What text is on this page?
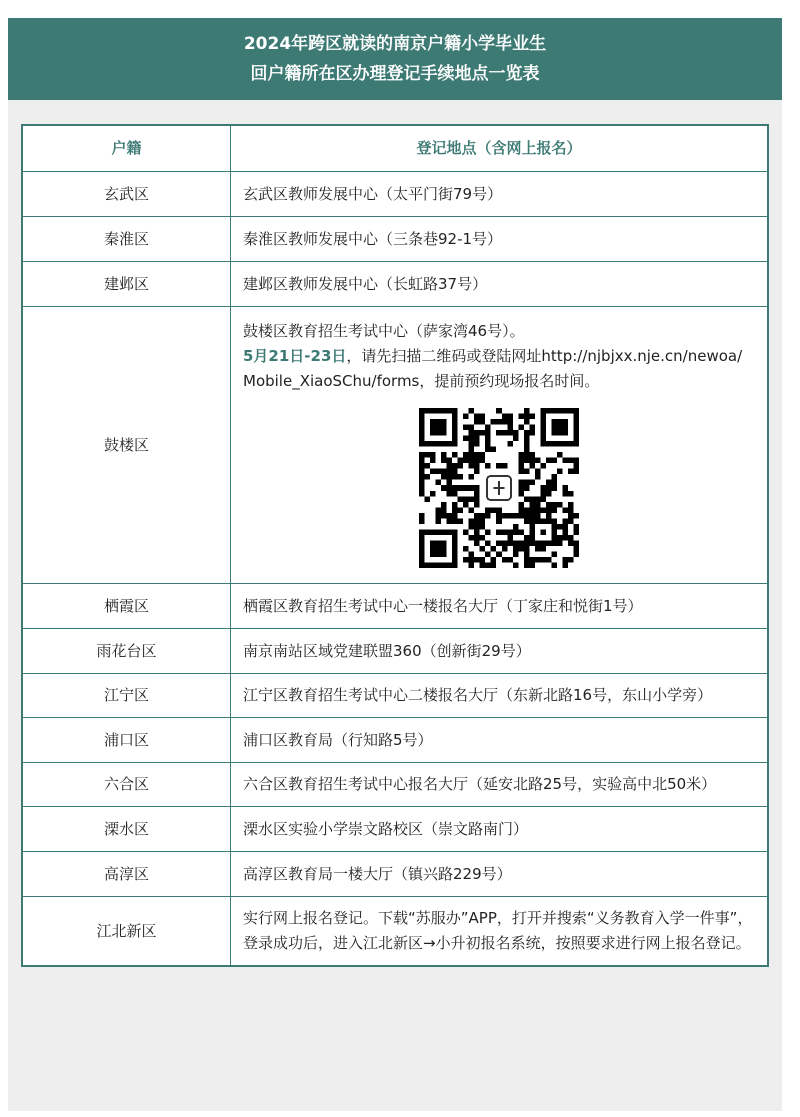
2024年跨区就读的南京户籍小学毕业生
回户籍所在区办理登记手续地点一览表
户籍	登记地点（含网上报名）
玄武区	玄武区教师发展中心（太平门街79号）
秦淮区	秦淮区教师发展中心（三条巷92-1号）
建邺区	建邺区教师发展中心（长虹路37号）
鼓楼区	鼓楼区教育招生考试中心（萨家湾46号）。
5月21日-23日，请先扫描二维码或登陆网址http://njbjxx.nje.cn/newoa/Mobile_XiaoSChu/forms，提前预约现场报名时间。

栖霞区	栖霞区教育招生考试中心一楼报名大厅（丁家庄和悦街1号）
雨花台区	南京南站区域党建联盟360（创新街29号）
江宁区	江宁区教育招生考试中心二楼报名大厅（东新北路16号，东山小学旁）
浦口区	浦口区教育局（行知路5号）
六合区	六合区教育招生考试中心报名大厅（延安北路25号，实验高中北50米）
溧水区	溧水区实验小学崇文路校区（崇文路南门）
高淳区	高淳区教育局一楼大厅（镇兴路229号）
江北新区	实行网上报名登记。下载“苏服办”APP，打开并搜索“义务教育入学一件事”，登录成功后，进入江北新区→小升初报名系统，按照要求进行网上报名登记。
